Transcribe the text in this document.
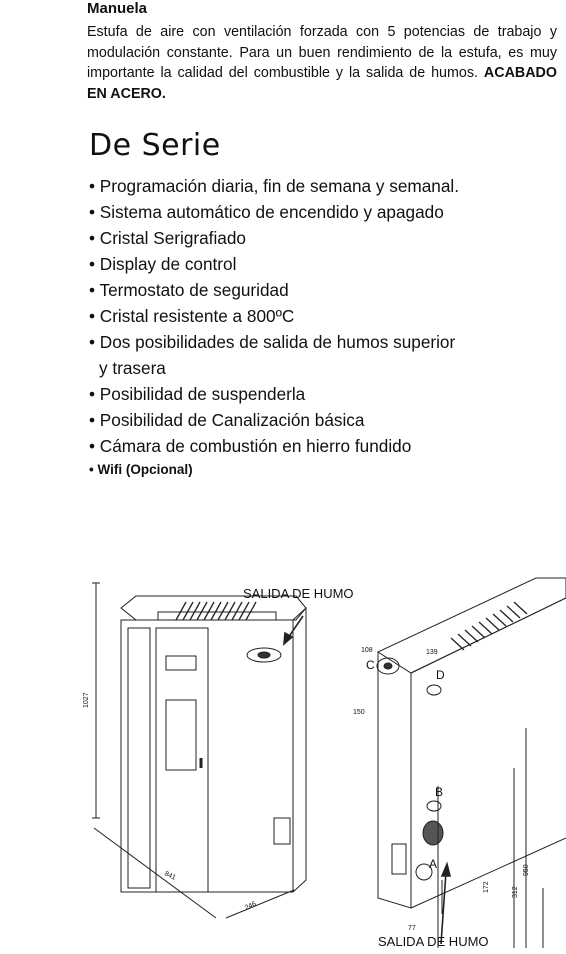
Manuela
Estufa de aire con ventilación forzada con 5 potencias de trabajo y modulación constante. Para un buen rendimiento de la estufa, es muy importante la calidad del combustible y la salida de humos. ACABADO EN ACERO.
De Serie
• Programación diaria, fin de semana y semanal.
• Sistema automático de encendido y apagado
• Cristal Serigrafiado
• Display de control
• Termostato de seguridad
• Cristal resistente a 800ºC
• Dos posibilidades de salida de humos superior
y trasera
• Posibilidad de suspenderla
• Posibilidad de Canalización básica
• Cámara de combustión en hierro fundido
• Wifi (Opcional)
SALIDA DE HUMO
SALIDA DE HUMO
1027
841
246
108	139
150
950
312
172
77
A
B
C
D
